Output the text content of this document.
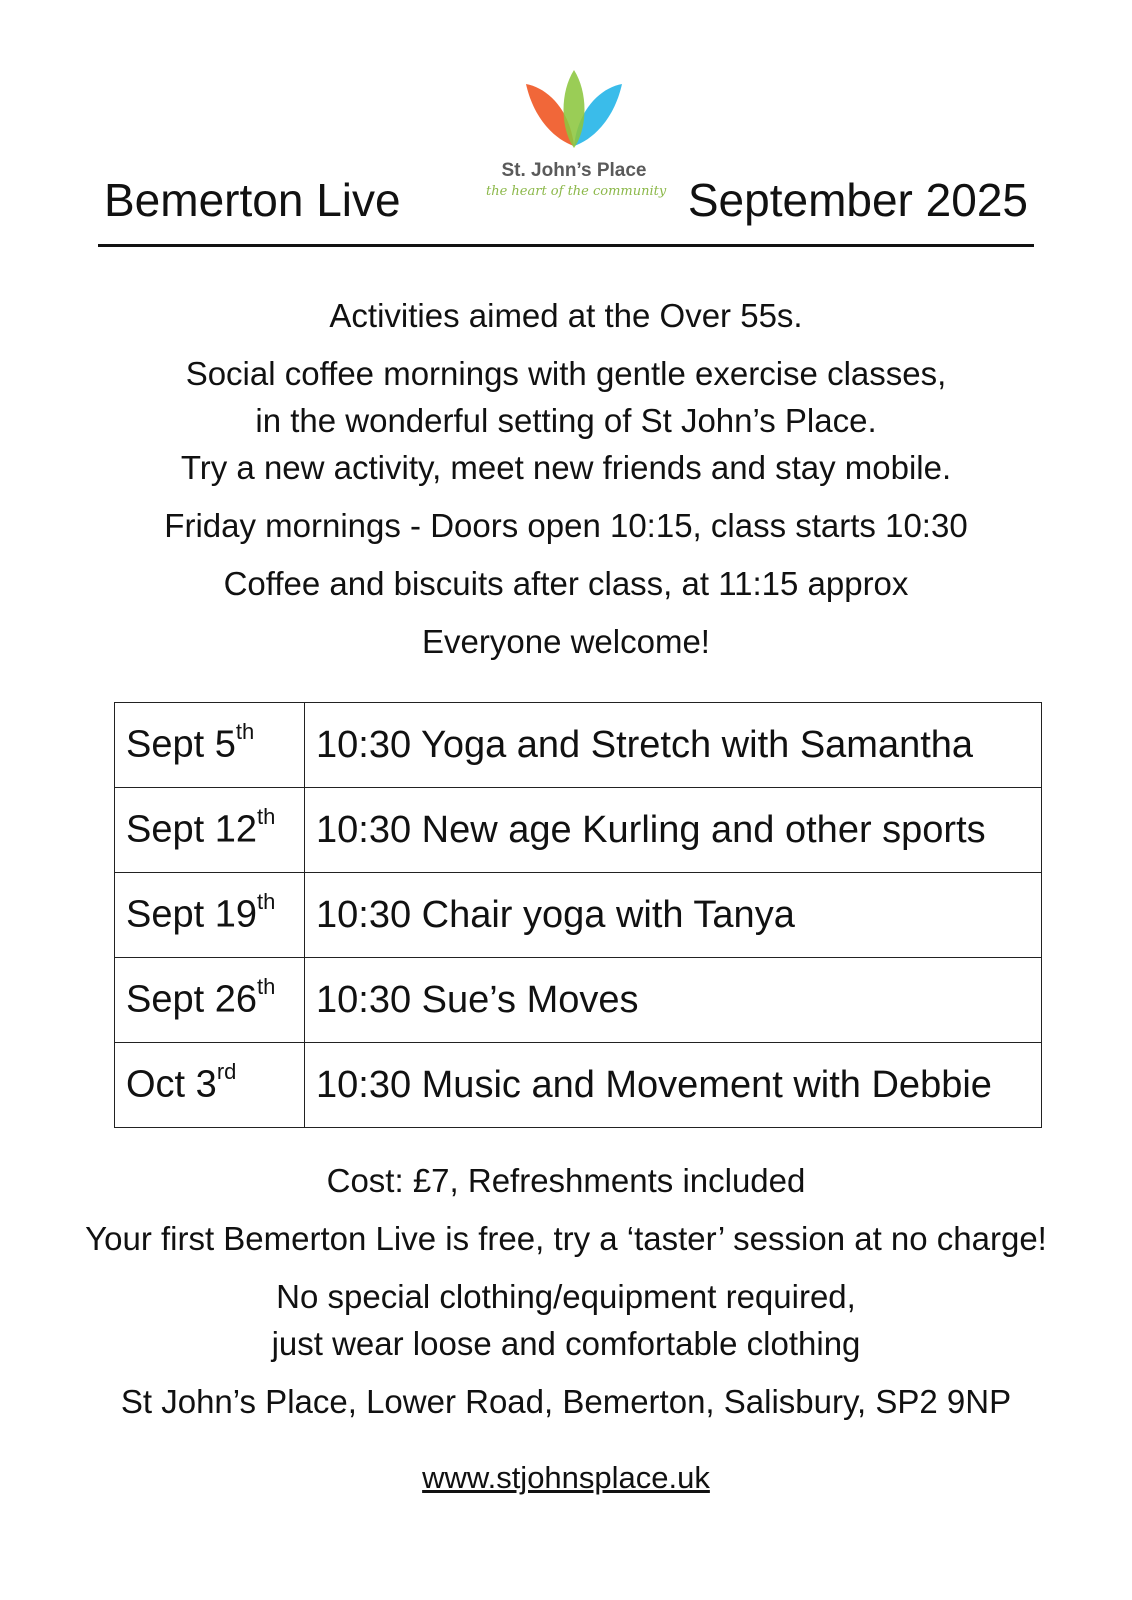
Bemerton Live
St. John’s Place
the heart of the community September 2025

Activities aimed at the Over 55s.

Social coffee mornings with gentle exercise classes,

in the wonderful setting of St John’s Place.

Try a new activity, meet new friends and stay mobile.

Friday mornings - Doors open 10:15, class starts 10:30

Coffee and biscuits after class, at 11:15 approx

Everyone welcome!

Sept 5th	10:30 Yoga and Stretch with Samantha
Sept 12th	10:30 New age Kurling and other sports
Sept 19th	10:30 Chair yoga with Tanya
Sept 26th	10:30 Sue’s Moves
Oct 3rd	10:30 Music and Movement with Debbie

Cost: £7, Refreshments included

Your first Bemerton Live is free, try a ‘taster’ session at no charge!

No special clothing/equipment required,

just wear loose and comfortable clothing

St John’s Place, Lower Road, Bemerton, Salisbury, SP2 9NP

www.stjohnsplace.uk
